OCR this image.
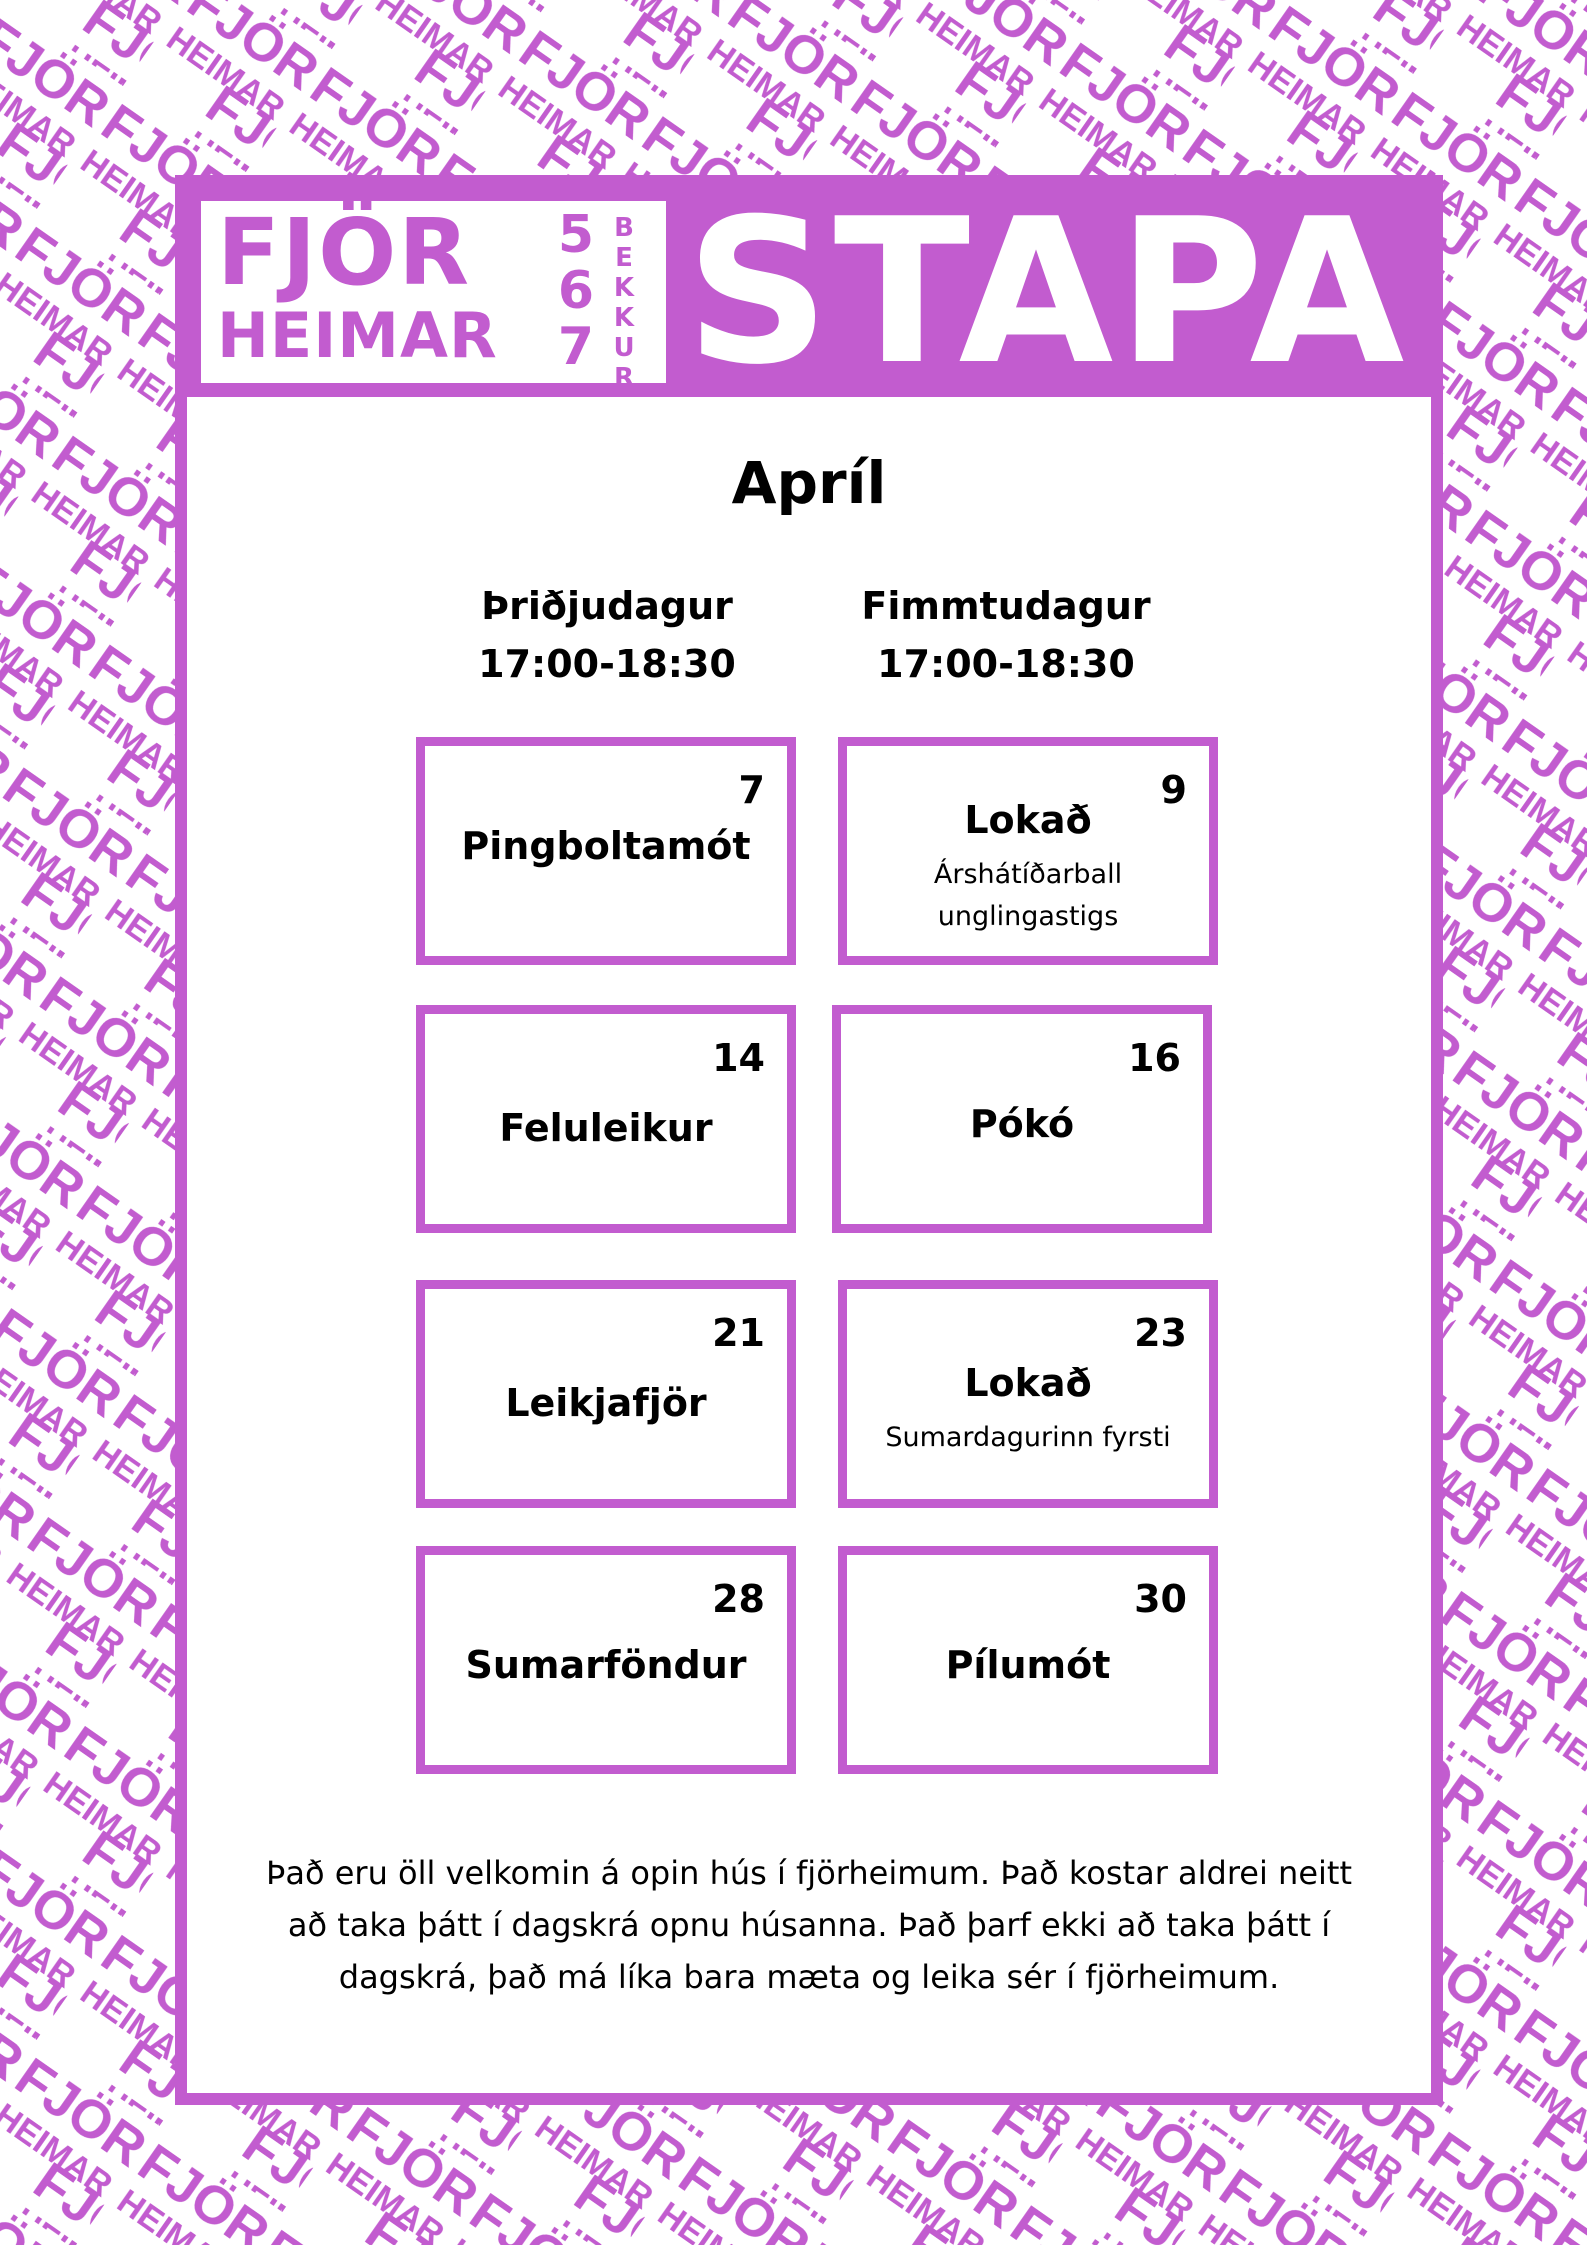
FJÖR
HEIMAR
5
6
7
B
E
K
K
U
R STAPA
Apríl
Þriðjudagur
17:00-18:30
Fimmtudagur
17:00-18:30
7
Pingboltamót
9
Lokað
Árshátíðarball unglingastigs
14
Feluleikur
16
Pókó
21
Leikjafjör
23
Lokað
Sumardagurinn fyrsti
28
Sumarföndur
30
Pílumót
Það eru öll velkomin á opin hús í fjörheimum. Það kostar aldrei neitt að taka þátt í dagskrá opnu húsanna. Það þarf ekki að taka þátt í dagskrá, það má líka bara mæta og leika sér í fjörheimum.
